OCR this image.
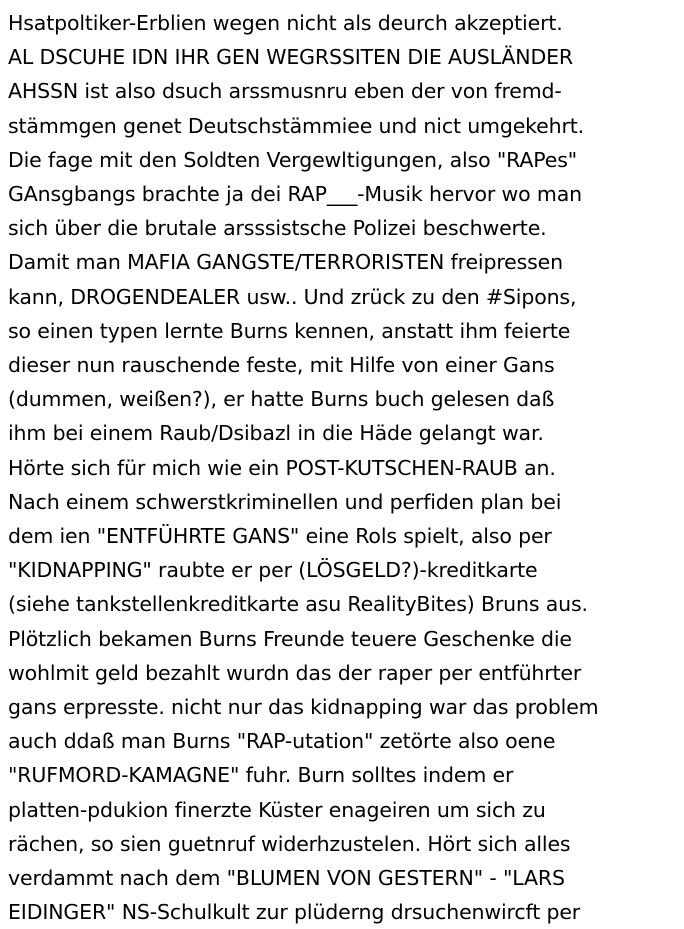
Hsatpoltiker-Erblien wegen nicht als deurch akzeptiert.
AL DSCUHE IDN IHR GEN WEGRSSITEN DIE AUSLÄNDER
AHSSN ist also dsuch arssmusnru eben der von fremd-
stämmgen genet Deutschstämmiee und nict umgekehrt.
Die fage mit den Soldten Vergewltigungen, also "RAPes"
GAnsgbangs brachte ja dei RAP___-Musik hervor wo man
sich über die brutale arsssistsche Polizei beschwerte.
Damit man MAFIA GANGSTE/TERRORISTEN freipressen
kann, DROGENDEALER usw.. Und zrück zu den #Sipons,
so einen typen lernte Burns kennen, anstatt ihm feierte
dieser nun rauschende feste, mit Hilfe von einer Gans
(dummen, weißen?), er hatte Burns buch gelesen daß
ihm bei einem Raub/Dsibazl in die Häde gelangt war.
Hörte sich für mich wie ein POST-KUTSCHEN-RAUB an.
Nach einem schwerstkriminellen und perfiden plan bei
dem ien "ENTFÜHRTE GANS" eine Rols spielt, also per
"KIDNAPPING" raubte er per (LÖSGELD?)-kreditkarte
(siehe tankstellenkreditkarte asu RealityBites) Bruns aus.
Plötzlich bekamen Burns Freunde teuere Geschenke die
wohlmit geld bezahlt wurdn das der raper per entführter
gans erpresste. nicht nur das kidnapping war das problem
auch ddaß man Burns "RAP-utation" zetörte also oene
"RUFMORD-KAMAGNE" fuhr. Burn solltes indem er
platten-pdukion finerzte Küster enageiren um sich zu
rächen, so sien guetnruf widerhzustelen. Hört sich alles
verdammt nach dem "BLUMEN VON GESTERN" - "LARS
EIDINGER" NS-Schulkult zur plüderng drsuchenwircft per
